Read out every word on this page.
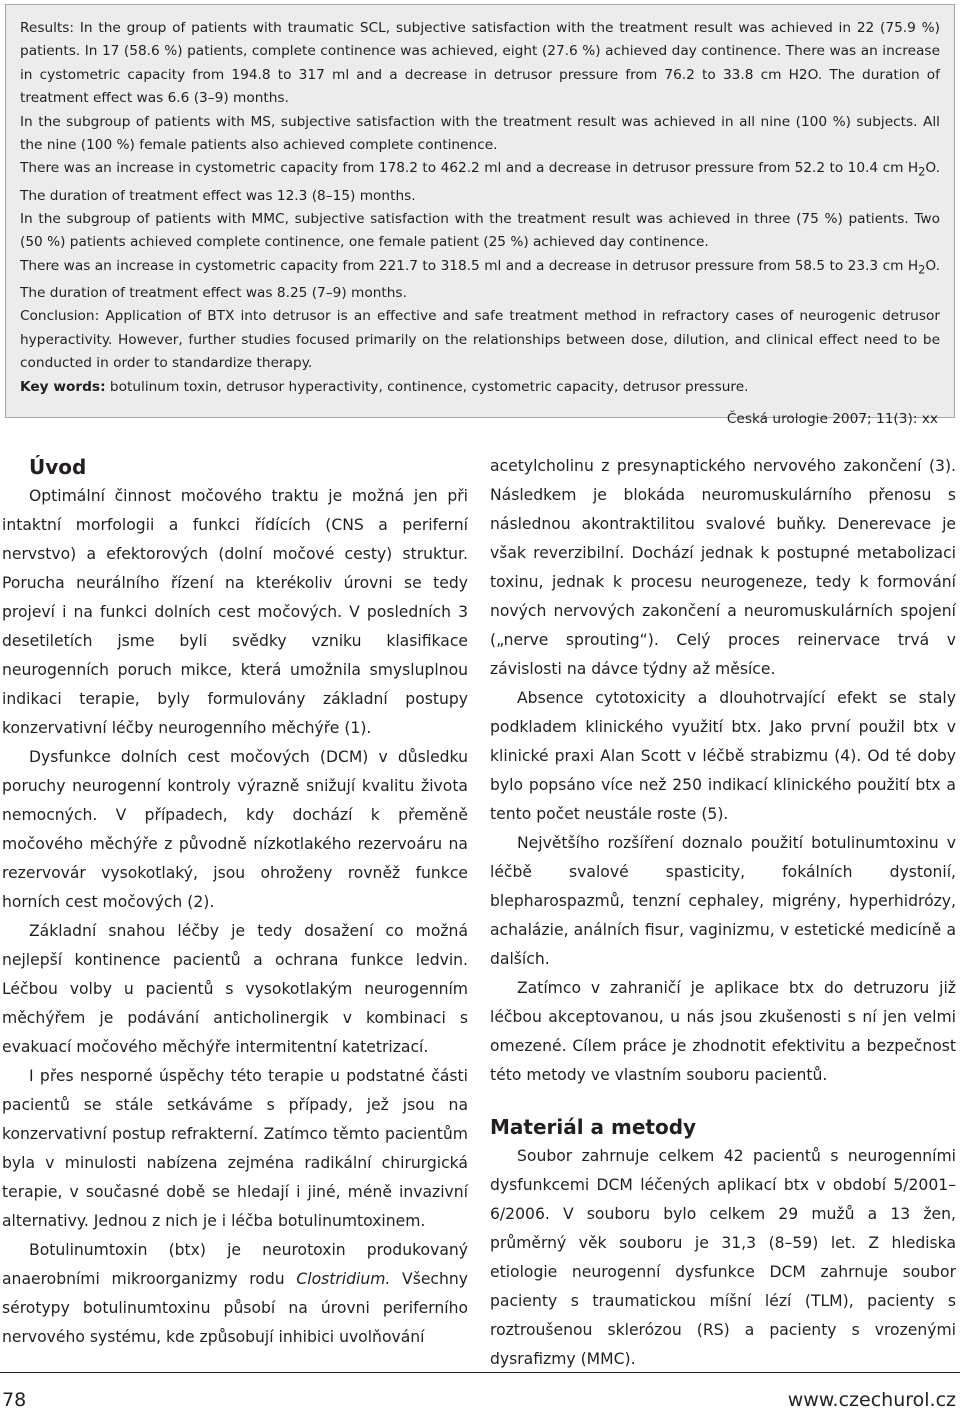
Results: In the group of patients with traumatic SCL, subjective satisfaction with the treatment result was achieved in 22 (75.9 %) patients. In 17 (58.6 %) patients, complete continence was achieved, eight (27.6 %) achieved day continence. There was an increase in cystometric capacity from 194.8 to 317 ml and a decrease in detrusor pressure from 76.2 to 33.8 cm H2O. The duration of treatment effect was 6.6 (3–9) months.

In the subgroup of patients with MS, subjective satisfaction with the treatment result was achieved in all nine (100 %) subjects. All the nine (100 %) female patients also achieved complete continence.

There was an increase in cystometric capacity from 178.2 to 462.2 ml and a decrease in detrusor pressure from 52.2 to 10.4 cm $H_2O$. The duration of treatment effect was 12.3 (8–15) months.

In the subgroup of patients with MMC, subjective satisfaction with the treatment result was achieved in three (75 %) patients. Two (50 %) patients achieved complete continence, one female patient (25 %) achieved day continence.

There was an increase in cystometric capacity from 221.7 to 318.5 ml and a decrease in detrusor pressure from 58.5 to 23.3 cm $H_2O$. The duration of treatment effect was 8.25 (7–9) months.

Conclusion: Application of BTX into detrusor is an effective and safe treatment method in refractory cases of neurogenic detrusor hyperactivity. However, further studies focused primarily on the relationships between dose, dilution, and clinical effect need to be conducted in order to standardize therapy.

Key words: botulinum toxin, detrusor hyperactivity, continence, cystometric capacity, detrusor pressure.

Česká urologie 2007; 11(3): xx

Úvod

Optimální činnost močového traktu je možná jen při intaktní morfologii a funkci řídících (CNS a periferní nervstvo) a efektorových (dolní močové cesty) struktur. Porucha neurálního řízení na kterékoliv úrovni se tedy projeví i na funkci dolních cest močových. V posledních 3 desetiletích jsme byli svědky vzniku klasifikace neurogenních poruch mikce, která umožnila smysluplnou indikaci terapie, byly formulovány základní postupy konzervativní léčby neurogenního měchýře (1).

Dysfunkce dolních cest močových (DCM) v důsledku poruchy neurogenní kontroly výrazně snižují kvalitu života nemocných. V případech, kdy dochází k přeměně močového měchýře z původně nízkotlakého rezervoáru na rezervovár vysokotlaký, jsou ohroženy rovněž funkce horních cest močových (2).

Základní snahou léčby je tedy dosažení co možná nejlepší kontinence pacientů a ochrana funkce ledvin. Léčbou volby u pacientů s vysokotlakým neurogenním měchýřem je podávání anticholinergik v kombinaci s evakuací močového měchýře intermitentní katetrizací.

I přes nesporné úspěchy této terapie u podstatné části pacientů se stále setkáváme s případy, jež jsou na konzervativní postup refrakterní. Zatímco těmto pacientům byla v minulosti nabízena zejména radikální chirurgická terapie, v současné době se hledají i jiné, méně invazivní alternativy. Jednou z nich je i léčba botulinumtoxinem.

Botulinumtoxin (btx) je neurotoxin produkovaný anaerobními mikroorganizmy rodu Clostridium. Všechny sérotypy botulinumtoxinu působí na úrovni periferního nervového systému, kde způsobují inhibici uvolňování

acetylcholinu z presynaptického nervového zakončení (3). Následkem je blokáda neuromuskulárního přenosu s následnou akontraktilitou svalové buňky. Denerevace je však reverzibilní. Dochází jednak k postupné metabolizaci toxinu, jednak k procesu neurogeneze, tedy k formování nových nervových zakončení a neuromuskulárních spojení („nerve sprouting“). Celý proces reinervace trvá v závislosti na dávce týdny až měsíce.

Absence cytotoxicity a dlouhotrvající efekt se staly podkladem klinického využití btx. Jako první použil btx v klinické praxi Alan Scott v léčbě strabizmu (4). Od té doby bylo popsáno více než 250 indikací klinického použití btx a tento počet neustále roste (5).

Největšího rozšíření doznalo použití botulinumtoxinu v léčbě svalové spasticity, fokálních dystonií, blepharospazmů, tenzní cephaley, migrény, hyperhidrózy, achalázie, análních fisur, vaginizmu, v estetické medicíně a dalších.

Zatímco v zahraničí je aplikace btx do detruzoru již léčbou akceptovanou, u nás jsou zkušenosti s ní jen velmi omezené. Cílem práce je zhodnotit efektivitu a bezpečnost této metody ve vlastním souboru pacientů.

Materiál a metody

Soubor zahrnuje celkem 42 pacientů s neurogenními dysfunkcemi DCM léčených aplikací btx v období 5/2001–6/2006. V souboru bylo celkem 29 mužů a 13 žen, průměrný věk souboru je 31,3 (8–59) let. Z hlediska etiologie neurogenní dysfunkce DCM zahrnuje soubor pacienty s traumatickou míšní lézí (TLM), pacienty s roztroušenou sklerózou (RS) a pacienty s vrozenými dysrafizmy (MMC).

78	www.czechurol.cz
